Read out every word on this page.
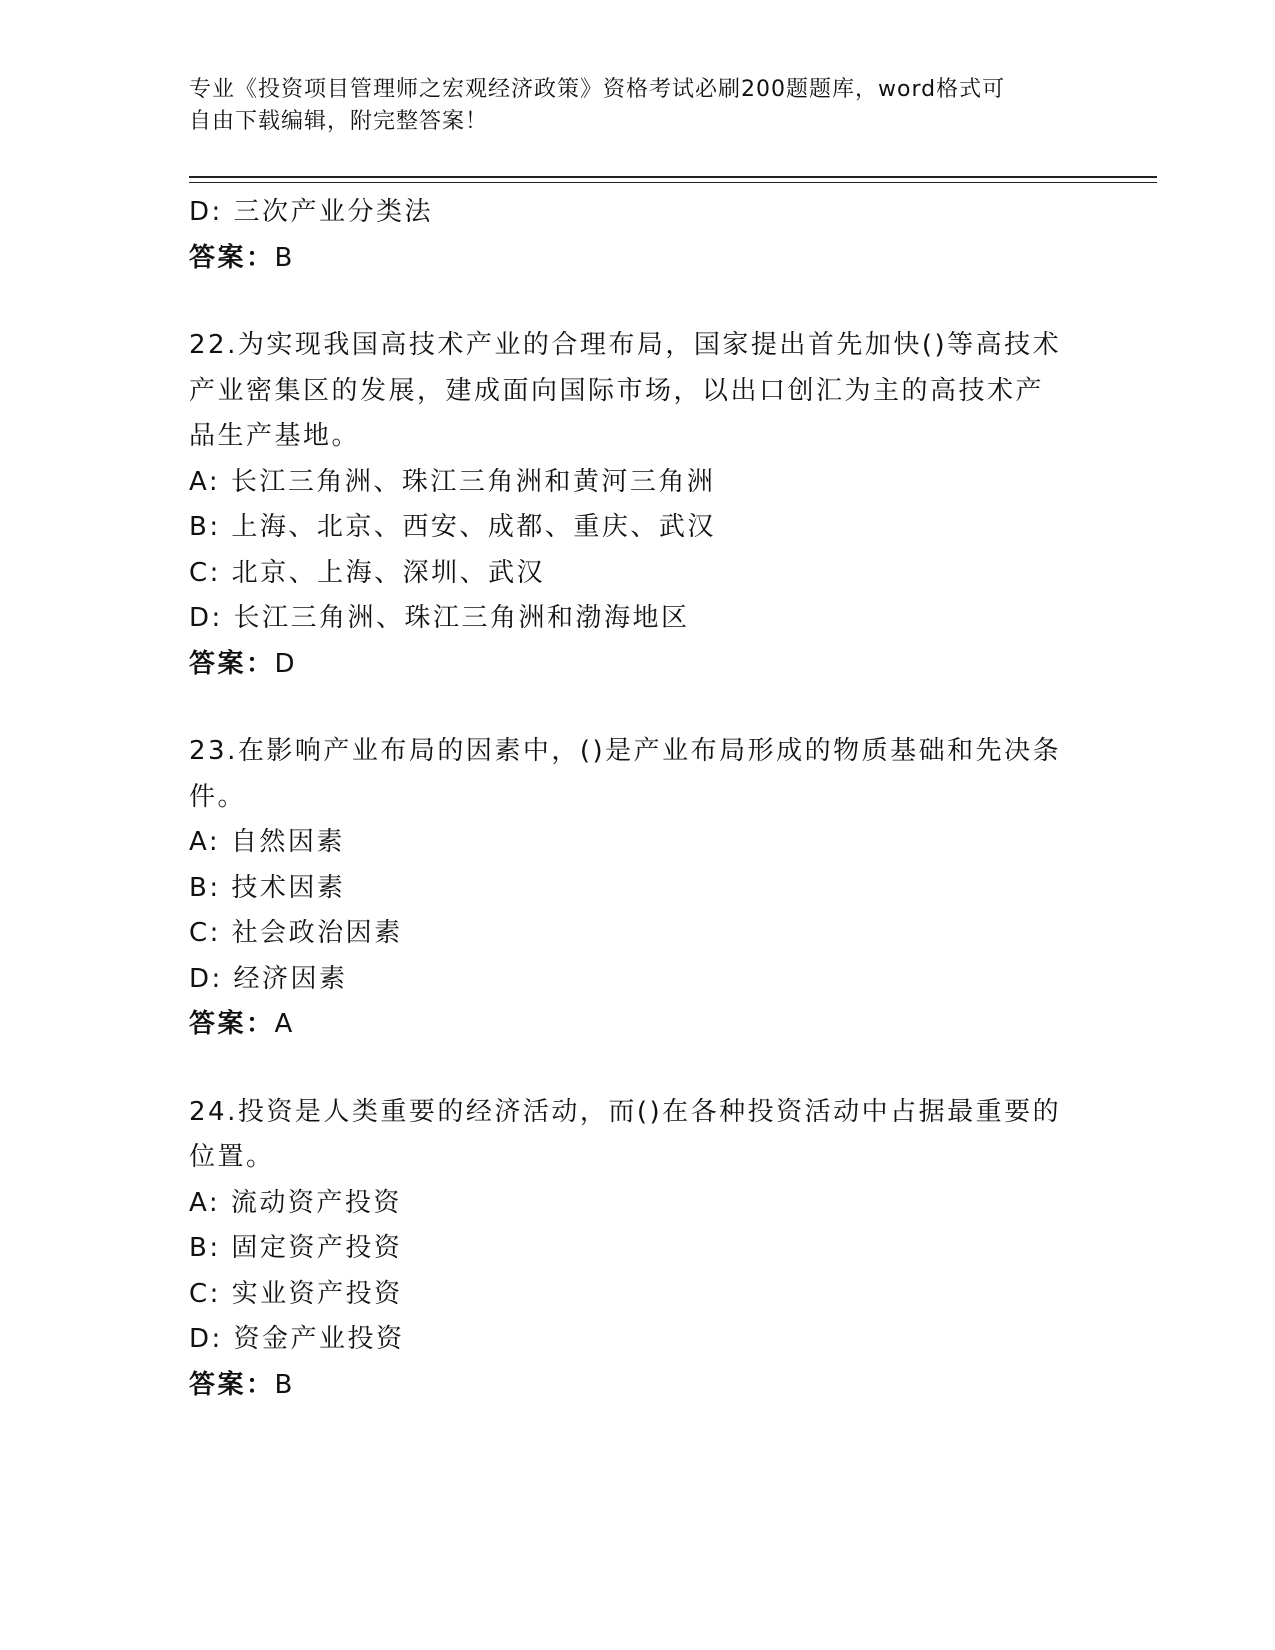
专业《投资项目管理师之宏观经济政策》资格考试必刷200题题库，word格式可
自由下载编辑，附完整答案！
D: 三次产业分类法
答案：B
22.为实现我国高技术产业的合理布局，国家提出首先加快()等高技术
产业密集区的发展，建成面向国际市场，以出口创汇为主的高技术产
品生产基地。
A: 长江三角洲、珠江三角洲和黄河三角洲
B: 上海、北京、西安、成都、重庆、武汉
C: 北京、上海、深圳、武汉
D: 长江三角洲、珠江三角洲和渤海地区
答案：D
23.在影响产业布局的因素中，()是产业布局形成的物质基础和先决条
件。
A: 自然因素
B: 技术因素
C: 社会政治因素
D: 经济因素
答案：A
24.投资是人类重要的经济活动，而()在各种投资活动中占据最重要的
位置。
A: 流动资产投资
B: 固定资产投资
C: 实业资产投资
D: 资金产业投资
答案：B
